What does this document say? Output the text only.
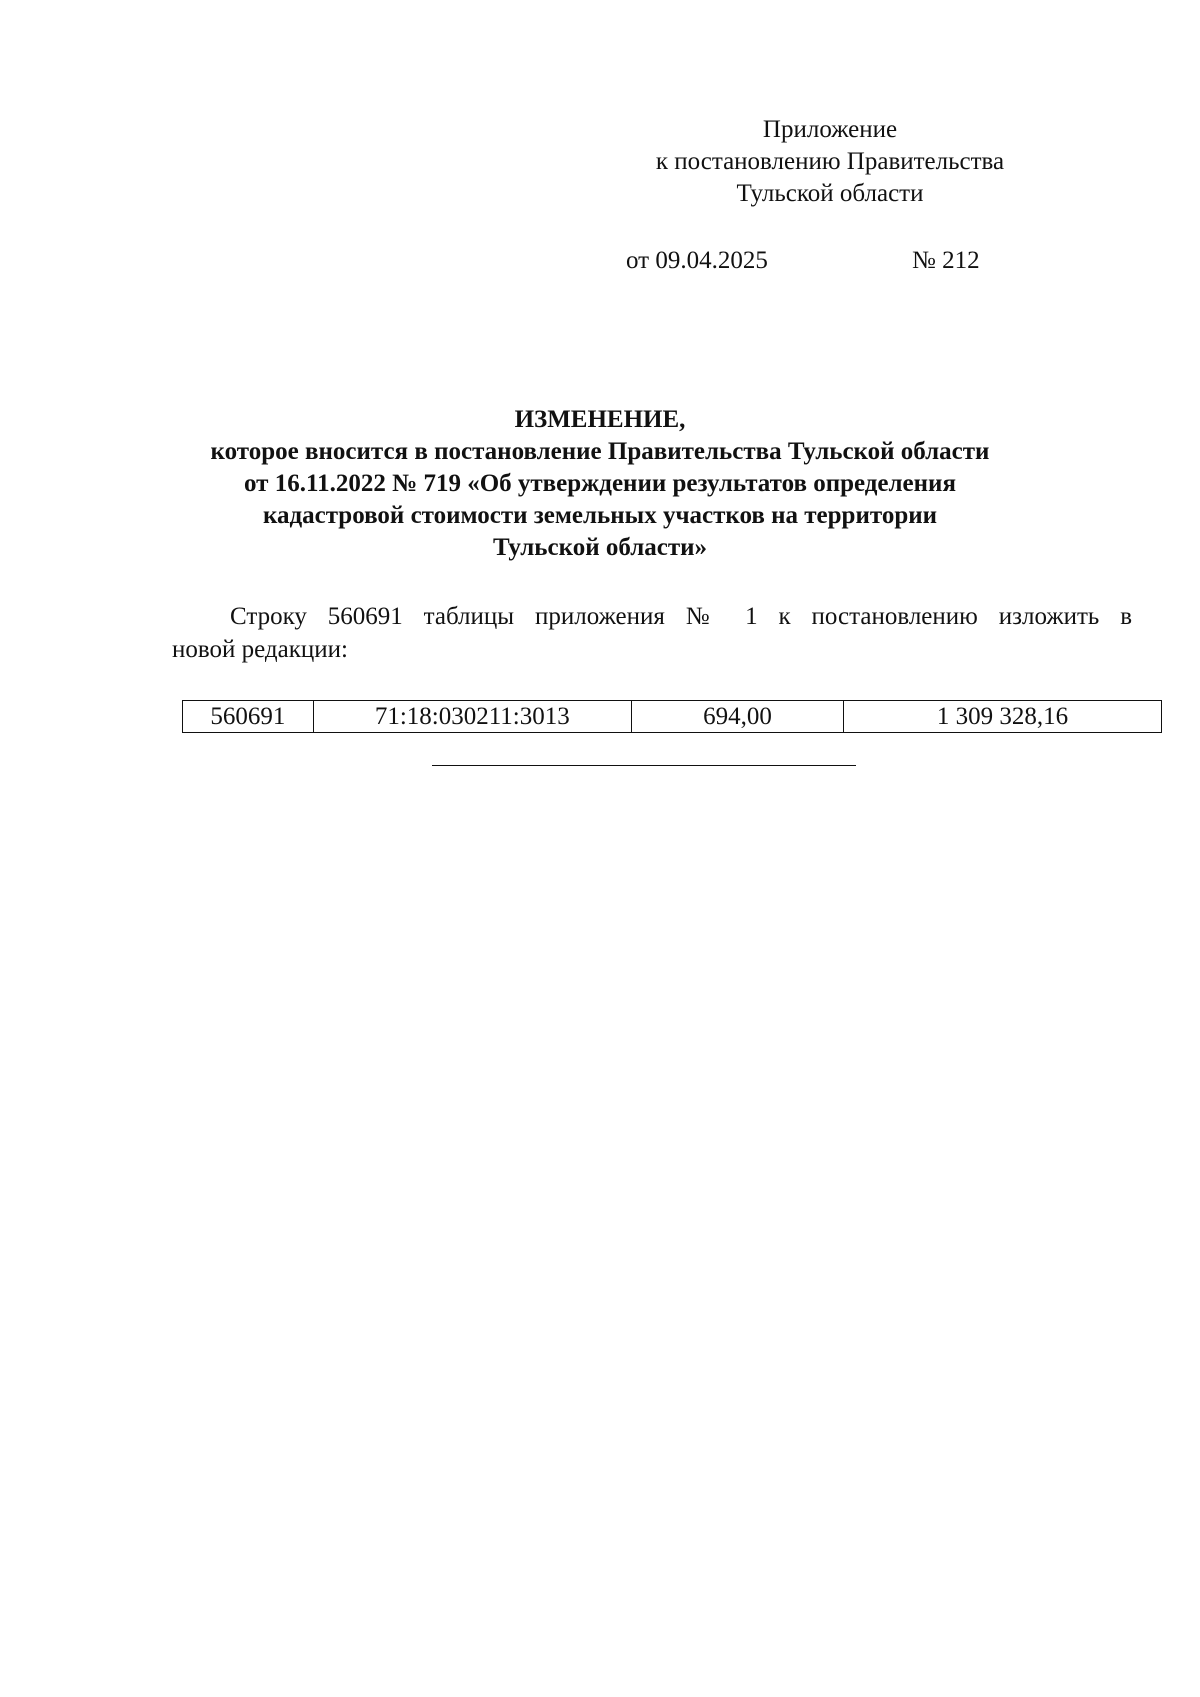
Приложение
к постановлению Правительства
Тульской области
от 09.04.2025	№ 212
ИЗМЕНЕНИЕ,
которое вносится в постановление Правительства Тульской области
от 16.11.2022 № 719 «Об утверждении результатов определения
кадастровой стоимости земельных участков на территории
Тульской области»
Строку 560691 таблицы приложения № 1 к постановлению изложить в
новой редакции:
560691	71:18:030211:3013	694,00	1 309 328,16
